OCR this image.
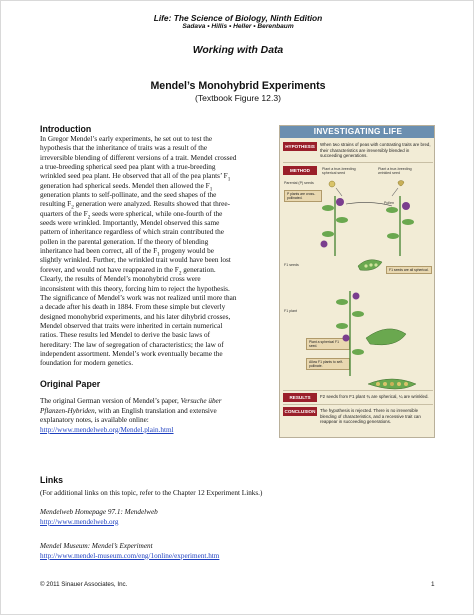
Life: The Science of Biology, Ninth Edition
Sadava • Hillis • Heller • Berenbaum
Working with Data
Mendel’s Monohybrid Experiments
(Textbook Figure 12.3)
Introduction
In Gregor Mendel’s early experiments, he set out to test the
hypothesis that the inheritance of traits was a result of the
irreversible blending of different versions of a trait. Mendel crossed
a true-breeding spherical seed pea plant with a true-breeding
wrinkled seed pea plant. He observed that all of the pea plants’ $F_1$
generation had spherical seeds. Mendel then allowed the $F_1$
generation plants to self-pollinate, and the seed shapes of the
resulting $F_2$ generation were analyzed. Results showed that three-
quarters of the $F_2$ seeds were spherical, while one-fourth of the
seeds were wrinkled. Importantly, Mendel observed this same
pattern of inheritance regardless of which strain contributed the
pollen in the parental generation. If the theory of blending
inheritance had been correct, all of the $F_1$ progeny would be
slightly wrinkled. Further, the wrinkled trait would have been lost
forever, and would not have reappeared in the $F_2$ generation.
Clearly, the results of Mendel’s monohybrid cross were
inconsistent with this theory, forcing him to reject the hypothesis.
The significance of Mendel’s work was not realized until more than
a decade after his death in 1884. From these simple but cleverly
designed monohybrid experiments, and his later dihybrid crosses,
Mendel observed that traits were inherited in certain numerical
ratios. These results led Mendel to derive the basic laws of
hereditary: The law of segregation of characteristics; the law of
independent assortment. Mendel’s work eventually became the
foundation for modern genetics.
INVESTIGATING LIFE
HYPOTHESIS	When two strains of peas with contrasting traits are bred, their characteristics are irreversibly blended in succeeding generations.
METHOD	Plant a true-breeding spherical seed
Plant a true-breeding wrinkled seed
Parental (P) seeds
P plants are cross-pollinated.
Pollen
F1 plant
F1 seeds are all spherical.
F1 seeds
Plant a spherical F1 seed.
Allow F1 plants to self-pollinate.
RESULTS	F2 seeds from F1 plant ¾ are spherical, ¼ are wrinkled.
CONCLUSION	The hypothesis is rejected. There is no irreversible blending of characteristics, and a recessive trait can reappear in succeeding generations.
Original Paper
The original German version of Mendel’s paper, Versuche über
Pflanzen-Hybriden, with an English translation and extensive
explanatory notes, is available online:
http://www.mendelweb.org/Mendel.plain.html
Links
(For additional links on this topic, refer to the Chapter 12 Experiment Links.)
Mendelweb Homepage 97.1: Mendelweb
http://www.mendelweb.org
Mendel Museum: Mendel’s Experiment
http://www.mendel-museum.com/eng/1online/experiment.htm
© 2011 Sinauer Associates, Inc.	1
